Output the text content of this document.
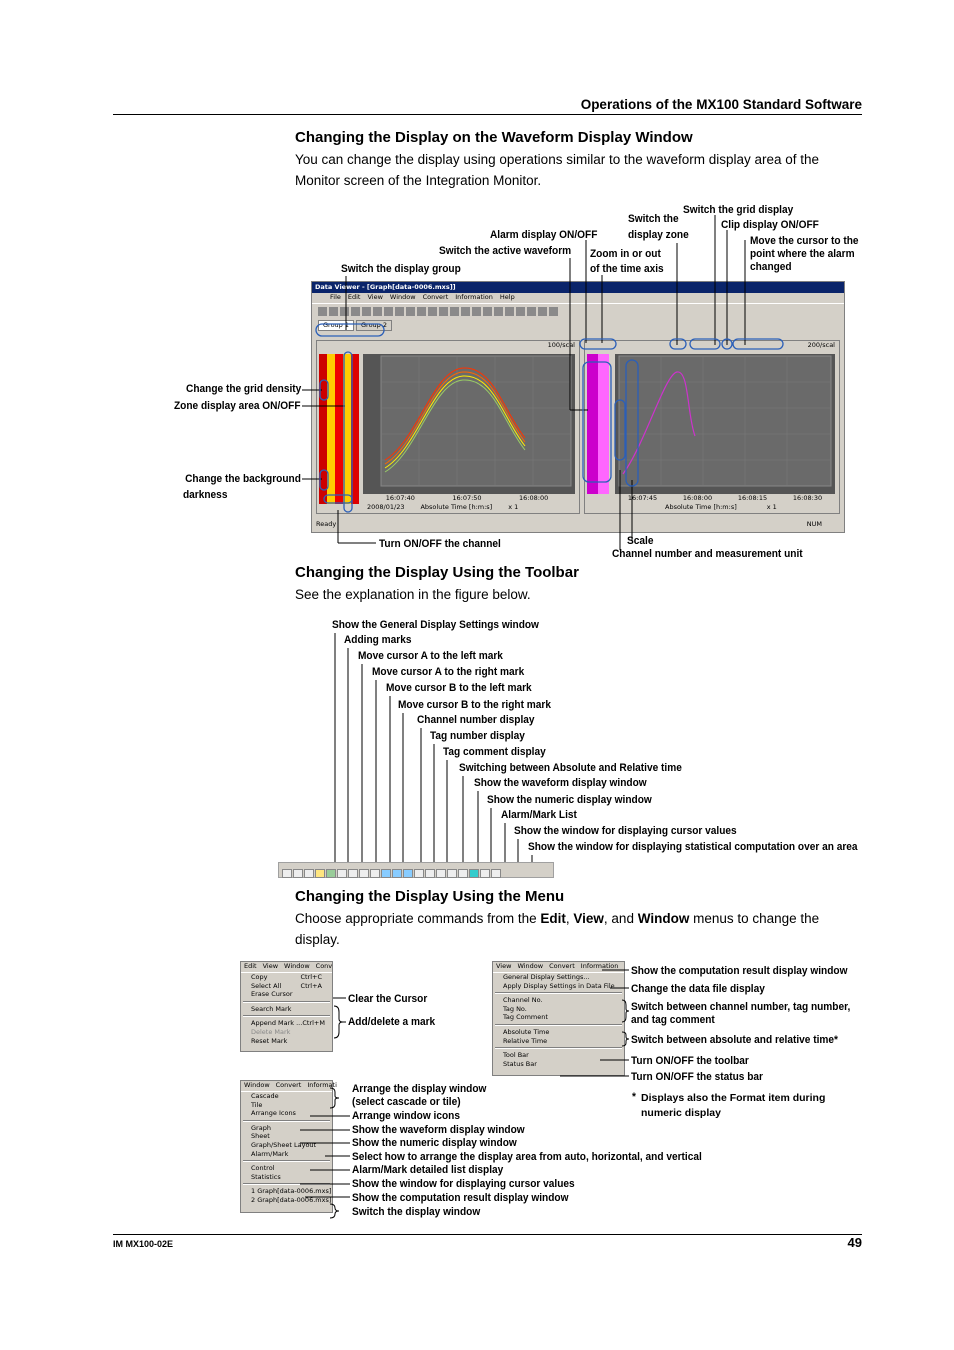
Operations of the MX100 Standard Software
Changing the Display on the Waveform Display Window
You can change the display using operations similar to the waveform display area of the Monitor screen of the Integration Monitor.
Switch the grid display
Clip display ON/OFF
Switch the
display zone
Alarm display ON/OFF
Switch the active waveform Zoom in or out
of the time axis
Move the cursor to the
point where the alarm
changed
Switch the display group
Change the grid density
Zone display area ON/OFF
Change the background
darkness
Turn ON/OFF the channel	Scale
Channel number and measurement unit
Data Viewer - [Graph[data-0006.mxs]]
File Edit View Window Convert Information Help
Group 1	Group 2
100/scal
16:07:40	16:07:50	16:08:00
2008/01/23 Absolute Time [h:m:s] x 1
200/scal
16:07:45	16:08:00	16:08:15	16:08:30
Absolute Time [h:m:s]	x 1
Ready	NUM
Changing the Display Using the Toolbar
See the explanation in the figure below.
Show the General Display Settings window
Adding marks
Move cursor A to the left mark
Move cursor A to the right mark
Move cursor B to the left mark
Move cursor B to the right mark
Channel number display
Tag number display
Tag comment display
Switching between Absolute and Relative time
Show the waveform display window
Show the numeric display window
Alarm/Mark List
Show the window for displaying cursor values
Show the window for displaying statistical computation over an area
Changing the Display Using the Menu
Choose appropriate commands from the Edit, View, and Window menus to change the display.
Edit View Window Conv
Copy	Ctrl+C
Select All	Ctrl+A
Erase Cursor
Search Mark
Append Mark ... Ctrl+M
Delete Mark
Reset Mark
Clear the Cursor
Add/delete a mark
View Window Convert Information
General Display Settings...
Apply Display Settings in Data File
Channel No.
Tag No.
Tag Comment
Absolute Time
Relative Time
Tool Bar
Status Bar
Show the computation result display window
Change the data file display
Switch between channel number, tag number,
and tag comment
Switch between absolute and relative time*
Turn ON/OFF the toolbar
Turn ON/OFF the status bar
* Displays also the Format item during numeric display
Window Convert Informati
Cascade
Tile
Arrange Icons
Graph
Sheet
Graph/Sheet Layout
Alarm/Mark
Control
Statistics
1 Graph[data-0006.mxs]
2 Graph[data-0006.mxs]
Arrange the display window
(select cascade or tile)
Arrange window icons
Show the waveform display window
Show the numeric display window
Select how to arrange the display area from auto, horizontal, and vertical
Alarm/Mark detailed list display
Show the window for displaying cursor values
Show the computation result display window
Switch the display window
IM MX100-02E	49
